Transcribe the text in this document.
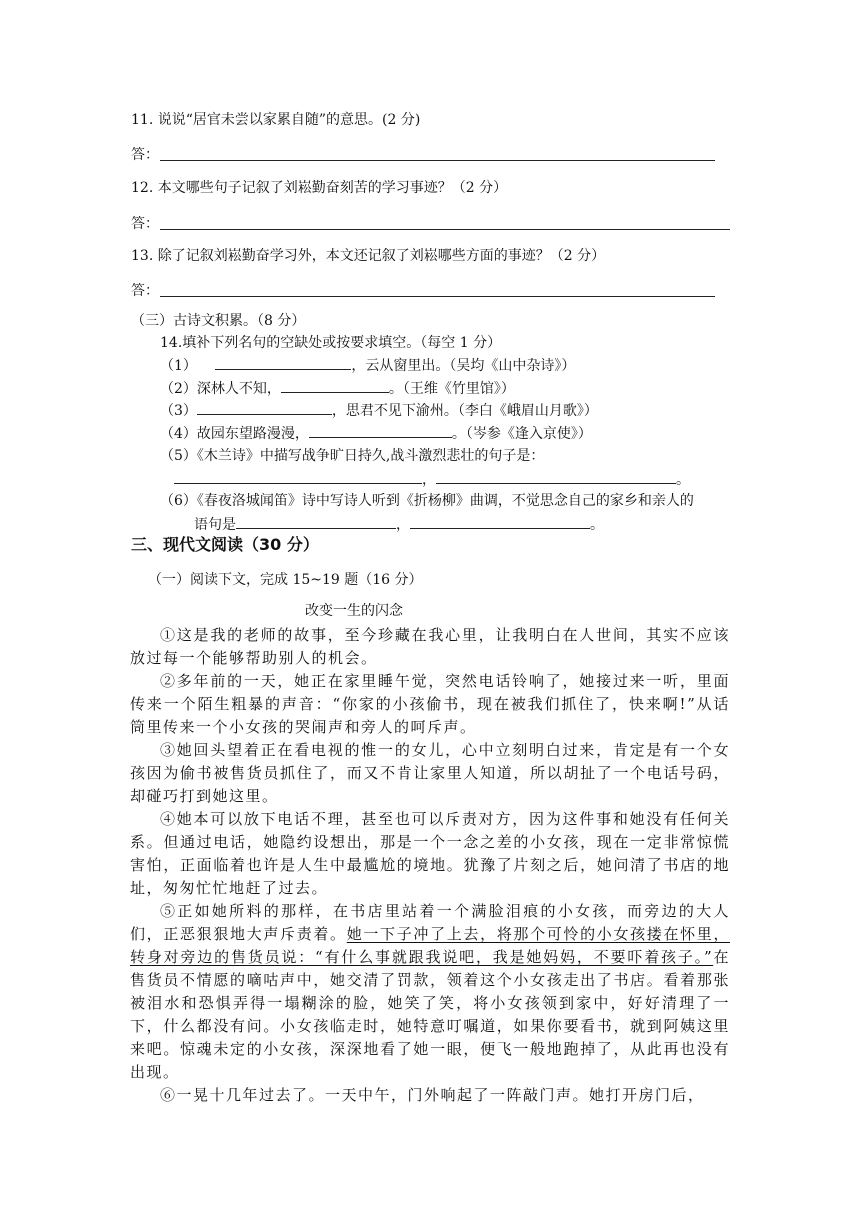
11. 说说“居官未尝以家累自随”的意思。(2 分)
答：
12. 本文哪些句子记叙了刘崧勤奋刻苦的学习事迹？（2 分）
答：
13. 除了记叙刘崧勤奋学习外，本文还记叙了刘崧哪些方面的事迹？（2 分）
答：
（三）古诗文积累。（8 分）
14.填补下列名句的空缺处或按要求填空。（每空 1 分）
（1）	，云从窗里出。（吴均《山中杂诗》）
（2）深林人不知，	。（王维《竹里馆》）
（3）	，思君不见下渝州。（李白《峨眉山月歌》）
（4）故园东望路漫漫，	。（岑参《逢入京使》）
（5）《木兰诗》中描写战争旷日持久,战斗激烈悲壮的句子是：
，	。
（6）《春夜洛城闻笛》诗中写诗人听到《折杨柳》曲调，不觉思念自己的家乡和亲人的
语句是	，	。
三、现代文阅读（30 分）
（一）阅读下文，完成 15~19 题（16 分）
改变一生的闪念

①这是我的老师的故事，至今珍藏在我心里，让我明白在人世间，其实不应该放过每一个能够帮助别人的机会。

②多年前的一天，她正在家里睡午觉，突然电话铃响了，她接过来一听，里面传来一个陌生粗暴的声音：“你家的小孩偷书，现在被我们抓住了，快来啊!”从话筒里传来一个小女孩的哭闹声和旁人的呵斥声。

③她回头望着正在看电视的惟一的女儿，心中立刻明白过来，肯定是有一个女孩因为偷书被售货员抓住了，而又不肯让家里人知道，所以胡扯了一个电话号码，却碰巧打到她这里。

④她本可以放下电话不理，甚至也可以斥责对方，因为这件事和她没有任何关系。但通过电话，她隐约设想出，那是一个一念之差的小女孩，现在一定非常惊慌害怕，正面临着也许是人生中最尴尬的境地。犹豫了片刻之后，她问清了书店的地址，匆匆忙忙地赶了过去。

⑤正如她所料的那样，在书店里站着一个满脸泪痕的小女孩，而旁边的大人们，正恶狠狠地大声斥责着。她一下子冲了上去，将那个可怜的小女孩搂在怀里，转身对旁边的售货员说：“有什么事就跟我说吧，我是她妈妈，不要吓着孩子。”在售货员不情愿的嘀咕声中，她交清了罚款，领着这个小女孩走出了书店。看着那张被泪水和恐惧弄得一塌糊涂的脸，她笑了笑，将小女孩领到家中，好好清理了一下，什么都没有问。小女孩临走时，她特意叮嘱道，如果你要看书，就到阿姨这里来吧。惊魂未定的小女孩，深深地看了她一眼，便飞一般地跑掉了，从此再也没有出现。

⑥一晃十几年过去了。一天中午，门外响起了一阵敲门声。她打开房门后，
